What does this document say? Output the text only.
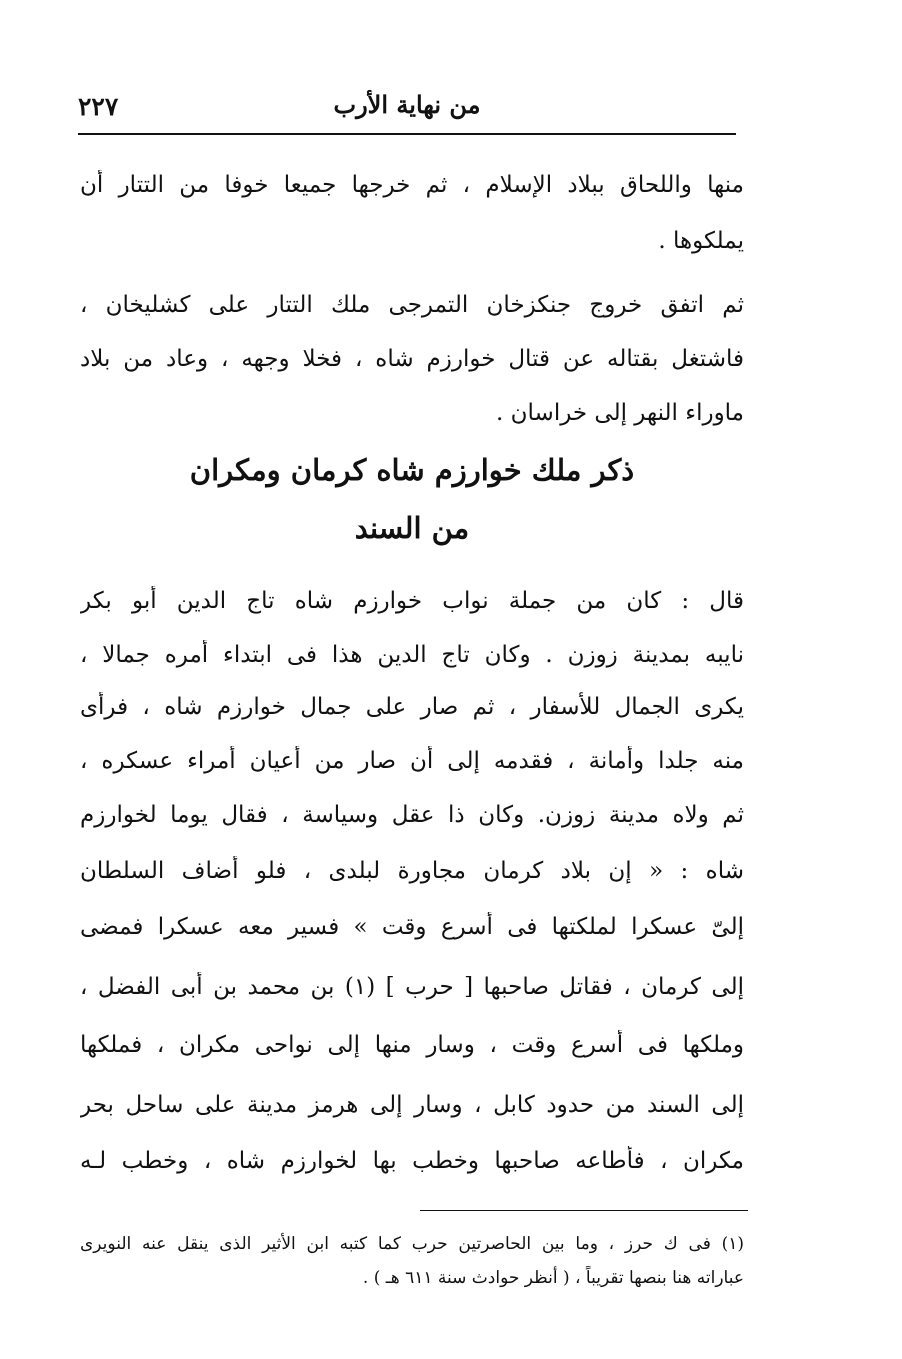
٢٢٧	من نهاية الأرب
منها واللحاق ببلاد الإسلام ، ثم خرجها جميعا خوفا من التتار أن
يملكوها .
ثم اتفق خروج جنكزخان التمرجى ملك التتار على كشليخان ،
فاشتغل بقتاله عن قتال خوارزم شاه ، فخلا وجهه ، وعاد من بلاد
ماوراء النهر إلى خراسان .
ذكر ملك خوارزم شاه كرمان ومكران
من السند
قال : كان من جملة نواب خوارزم شاه تاج الدين أبو بكر
نايبه بمدينة زوزن . وكان تاج الدين هذا فى ابتداء أمره جمالا ،
يكرى الجمال للأسفار ، ثم صار على جمال خوارزم شاه ، فرأى
منه جلدا وأمانة ، فقدمه إلى أن صار من أعيان أمراء عسكره ،
ثم ولاه مدينة زوزن. وكان ذا عقل وسياسة ، فقال يوما لخوارزم
شاه : « إن بلاد كرمان مجاورة لبلدى ، فلو أضاف السلطان
إلىّ عسكرا لملكتها فى أسرع وقت » فسير معه عسكرا فمضى
إلى كرمان ، فقاتل صاحبها [ حرب ] (١) بن محمد بن أبى الفضل ،
وملكها فى أسرع وقت ، وسار منها إلى نواحى مكران ، فملكها
إلى السند من حدود كابل ، وسار إلى هرمز مدينة على ساحل بحر
مكران ، فأطاعه صاحبها وخطب بها لخوارزم شاه ، وخطب لـه
(١) فى ك حرز ، وما بين الحاصرتين حرب كما كتبه ابن الأثير الذى ينقل عنه النويرى
عباراته هنا بنصها تقريباً ، ( أنظر حوادث سنة ٦١١ هـ ) .
